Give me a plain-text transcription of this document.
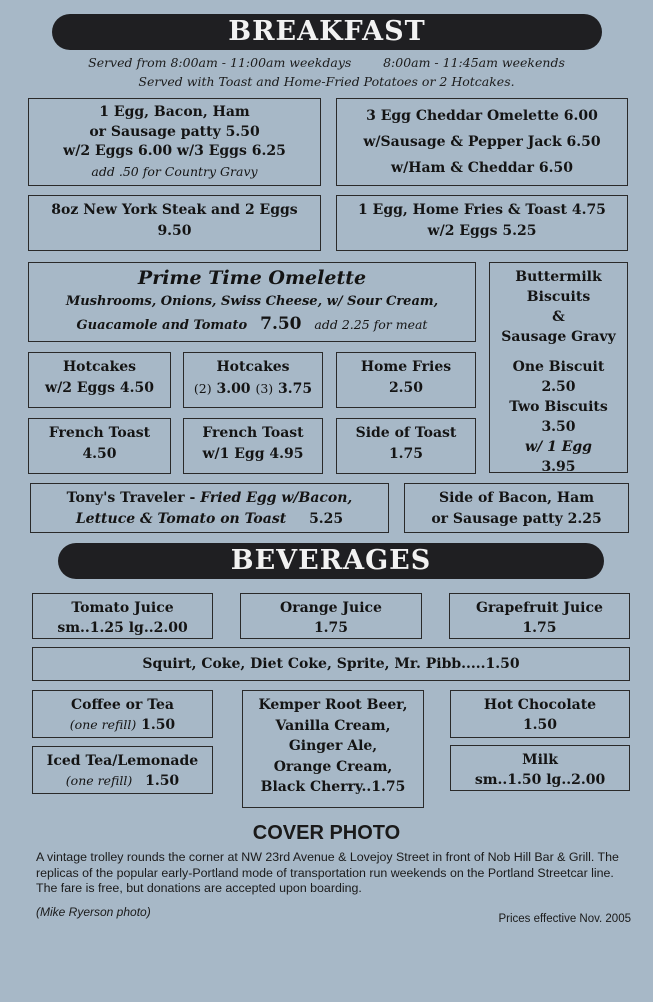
BREAKFAST
Served from 8:00am - 11:00am weekdays        8:00am - 11:45am weekends
Served with Toast and Home-Fried Potatoes or 2 Hotcakes.
1 Egg, Bacon, Ham
or Sausage patty 5.50
w/2 Eggs 6.00 w/3 Eggs 6.25
add .50 for Country Gravy
3 Egg Cheddar Omelette 6.00
w/Sausage & Pepper Jack 6.50
w/Ham & Cheddar 6.50
8oz New York Steak and 2 Eggs
9.50
1 Egg, Home Fries & Toast 4.75
w/2 Eggs 5.25
Prime Time Omelette
Mushrooms, Onions, Swiss Cheese, w/ Sour Cream,
Guacamole and Tomato 7.50 add 2.25 for meat
Buttermilk
Biscuits
&
Sausage Gravy
One Biscuit
2.50
Two Biscuits
3.50
w/ 1 Egg
3.95
Hotcakes
w/2 Eggs 4.50
Hotcakes
(2) 3.00 (3) 3.75
Home Fries
2.50
French Toast
4.50
French Toast
w/1 Egg 4.95
Side of Toast
1.75
Tony's Traveler - Fried Egg w/Bacon,
Lettuce & Tomato on Toast 5.25
Side of Bacon, Ham
or Sausage patty 2.25
BEVERAGES
Tomato Juice
sm..1.25 lg..2.00
Orange Juice
1.75
Grapefruit Juice
1.75
Squirt, Coke, Diet Coke, Sprite, Mr. Pibb.....1.50
Coffee or Tea
(one refill) 1.50
Kemper Root Beer,
Vanilla Cream,
Ginger Ale,
Orange Cream,
Black Cherry..1.75
Hot Chocolate
1.50
Iced Tea/Lemonade
(one refill) 1.50
Milk
sm..1.50 lg..2.00
COVER PHOTO
A vintage trolley rounds the corner at NW 23rd Avenue & Lovejoy Street in front of Nob Hill Bar & Grill. The replicas of the popular early-Portland mode of transportation run weekends on the Portland Streetcar line. The fare is free, but donations are accepted upon boarding.
(Mike Ryerson photo)	Prices effective Nov. 2005
